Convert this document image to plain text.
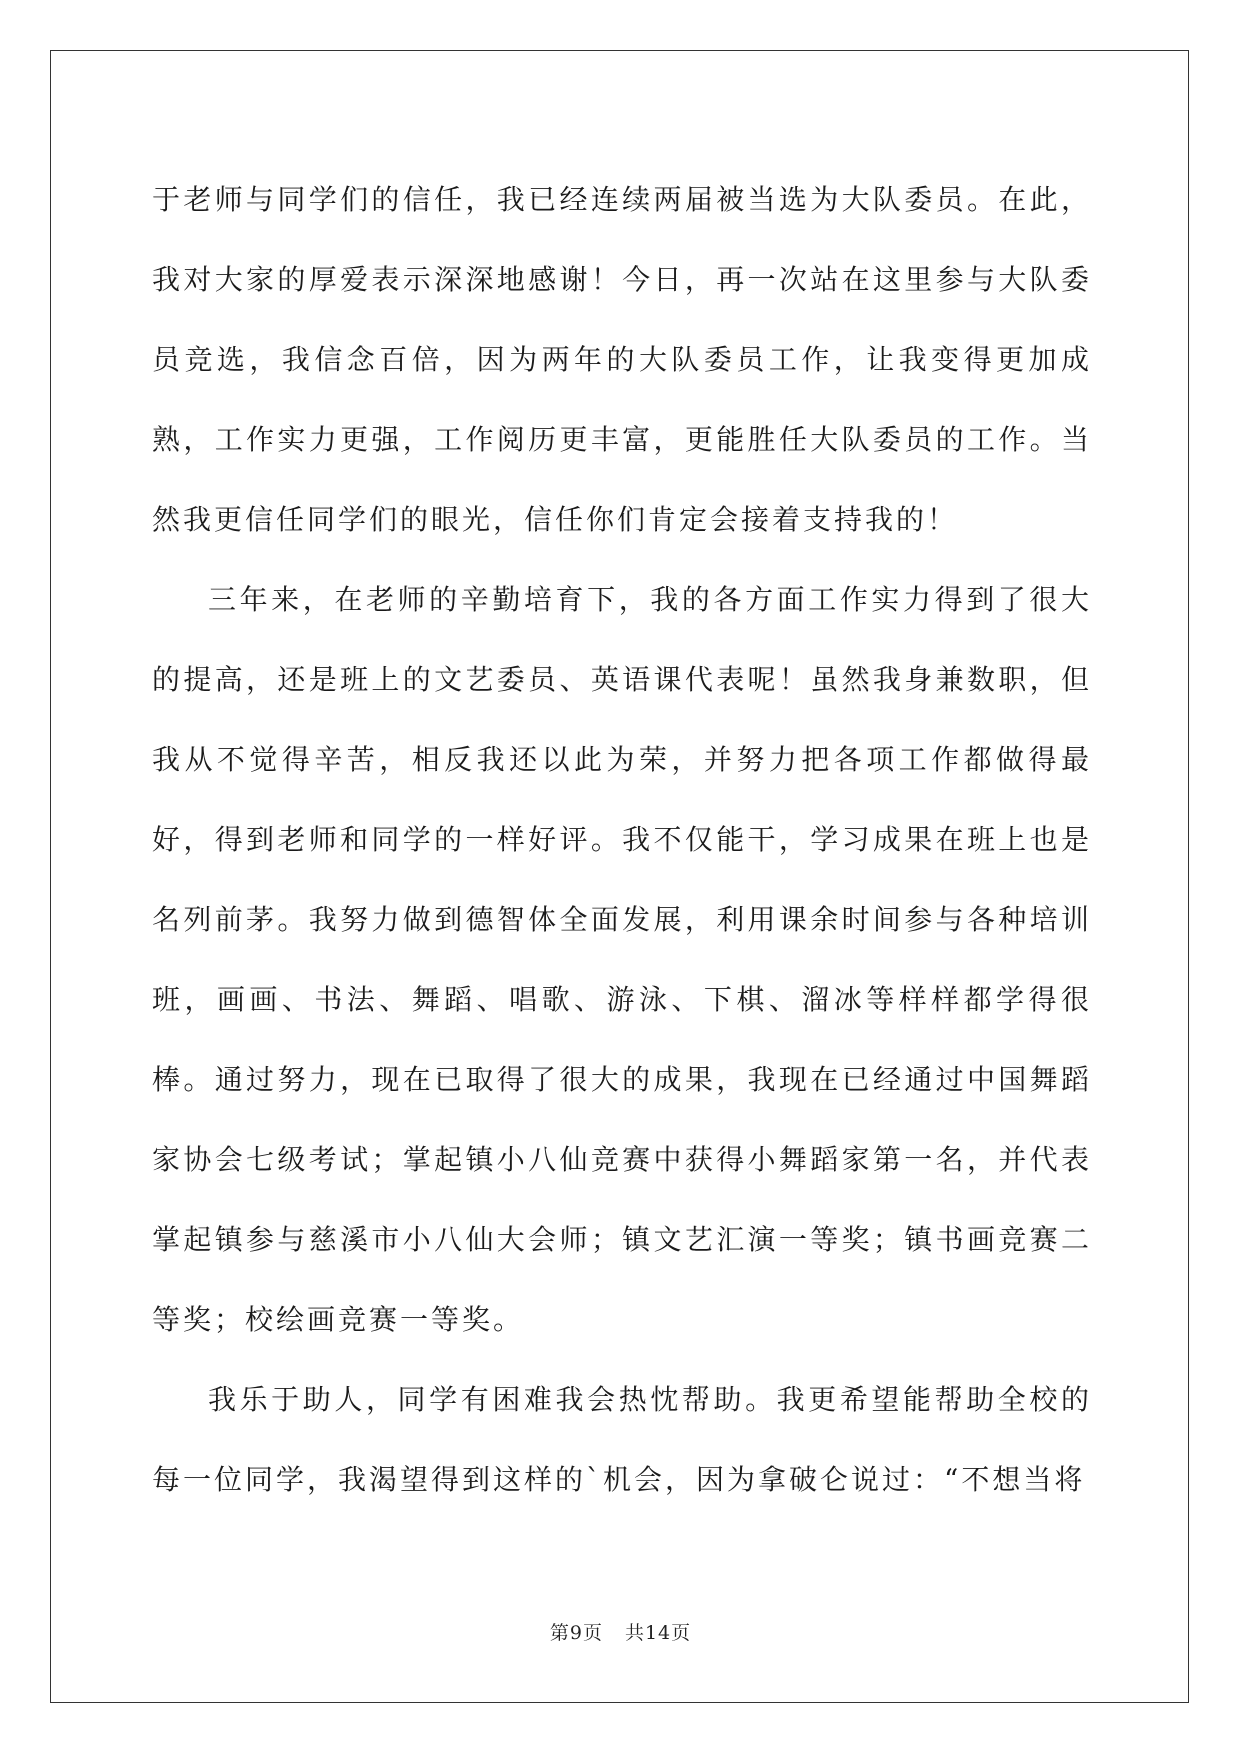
于老师与同学们的信任，我已经连续两届被当选为大队委员。在此，我对大家的厚爱表示深深地感谢！今日，再一次站在这里参与大队委员竞选，我信念百倍，因为两年的大队委员工作，让我变得更加成熟，工作实力更强，工作阅历更丰富，更能胜任大队委员的工作。当然我更信任同学们的眼光，信任你们肯定会接着支持我的！

三年来，在老师的辛勤培育下，我的各方面工作实力得到了很大的提高，还是班上的文艺委员、英语课代表呢！虽然我身兼数职，但我从不觉得辛苦，相反我还以此为荣，并努力把各项工作都做得最好，得到老师和同学的一样好评。我不仅能干，学习成果在班上也是名列前茅。我努力做到德智体全面发展，利用课余时间参与各种培训班，画画、书法、舞蹈、唱歌、游泳、下棋、溜冰等样样都学得很棒。通过努力，现在已取得了很大的成果，我现在已经通过中国舞蹈家协会七级考试；掌起镇小八仙竞赛中获得小舞蹈家第一名，并代表掌起镇参与慈溪市小八仙大会师；镇文艺汇演一等奖；镇书画竞赛二等奖；校绘画竞赛一等奖。

我乐于助人，同学有困难我会热忱帮助。我更希望能帮助全校的每一位同学，我渴望得到这样的`机会，因为拿破仑说过：“不想当将

第9页 共14页
